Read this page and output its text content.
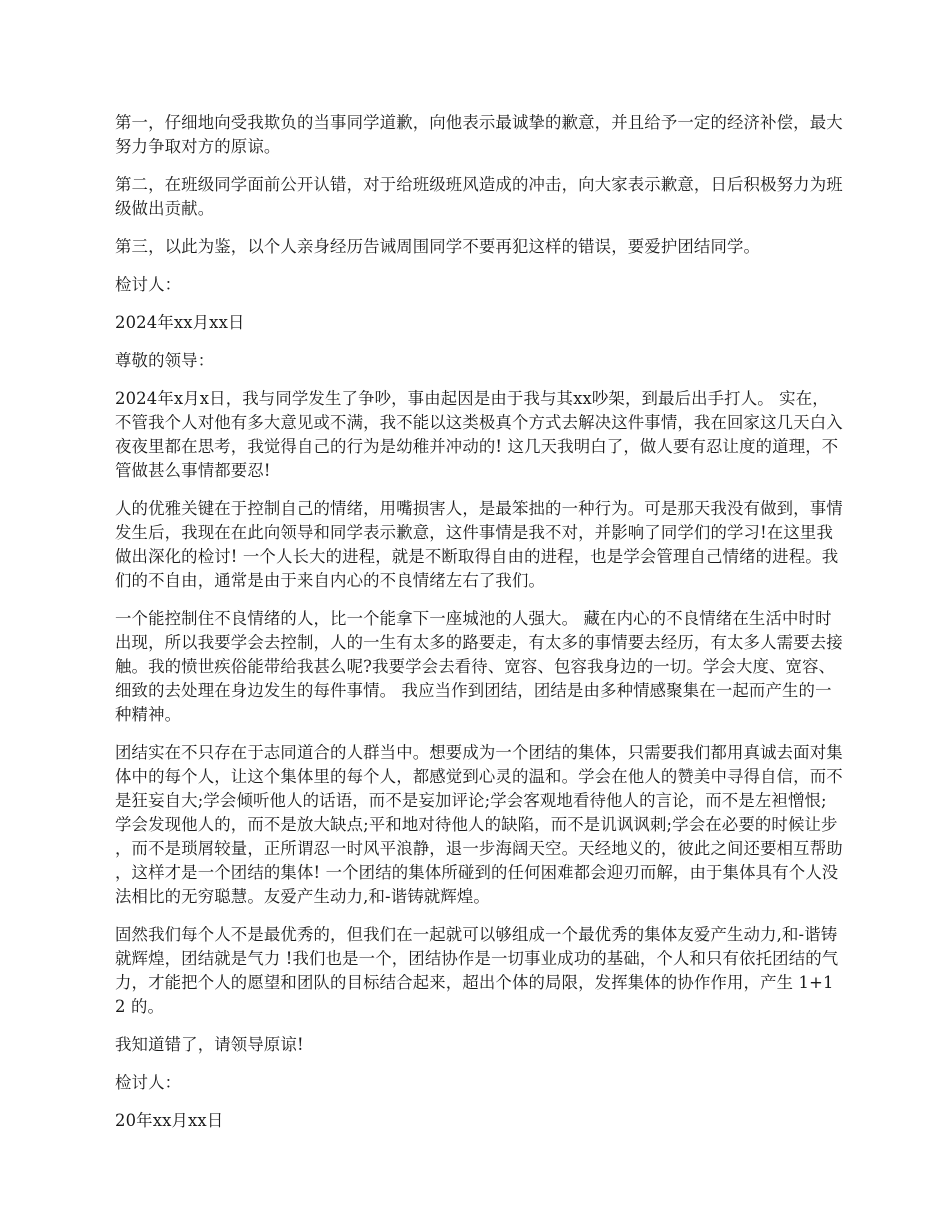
第一，仔细地向受我欺负的当事同学道歉，向他表示最诚挚的歉意，并且给予一定的经济补偿，最大努力争取对方的原谅。

第二，在班级同学面前公开认错，对于给班级班风造成的冲击，向大家表示歉意，日后积极努力为班级做出贡献。

第三，以此为鉴，以个人亲身经历告诫周围同学不要再犯这样的错误，要爱护团结同学。

检讨人：

2024年xx月xx日

尊敬的领导：

2024年x月x日，我与同学发生了争吵，事由起因是由于我与其xx吵架，到最后出手打人。 实在，不管我个人对他有多大意见或不满，我不能以这类极真个方式去解决这件事情，我在回家这几天白入夜夜里都在思考，我觉得自己的行为是幼稚并冲动的! 这几天我明白了，做人要有忍让度的道理，不管做甚么事情都要忍!

人的优雅关键在于控制自己的情绪，用嘴损害人，是最笨拙的一种行为。可是那天我没有做到，事情发生后，我现在在此向领导和同学表示歉意，这件事情是我不对，并影响了同学们的学习!在这里我做出深化的检讨! 一个人长大的进程，就是不断取得自由的进程，也是学会管理自己情绪的进程。我们的不自由，通常是由于来自内心的不良情绪左右了我们。

一个能控制住不良情绪的人，比一个能拿下一座城池的人强大。 藏在内心的不良情绪在生活中时时出现，所以我要学会去控制，人的一生有太多的路要走，有太多的事情要去经历，有太多人需要去接触。我的愤世疾俗能带给我甚么呢?我要学会去看待、宽容、包容我身边的一切。学会大度、宽容、细致的去处理在身边发生的每件事情。 我应当作到团结，团结是由多种情感聚集在一起而产生的一种精神。

团结实在不只存在于志同道合的人群当中。想要成为一个团结的集体，只需要我们都用真诚去面对集体中的每个人，让这个集体里的每个人，都感觉到心灵的温和。学会在他人的赞美中寻得自信，而不是狂妄自大;学会倾听他人的话语，而不是妄加评论;学会客观地看待他人的言论，而不是左袒憎恨;学会发现他人的，而不是放大缺点;平和地对待他人的缺陷，而不是讥讽讽刺;学会在必要的时候让步，而不是琐屑较量，正所谓忍一时风平浪静，退一步海阔天空。天经地义的，彼此之间还要相互帮助，这样才是一个团结的集体! 一个团结的集体所碰到的任何困难都会迎刃而解，由于集体具有个人没法相比的无穷聪慧。友爱产生动力,和-谐铸就辉煌。

固然我们每个人不是最优秀的，但我们在一起就可以够组成一个最优秀的集体友爱产生动力,和-谐铸就辉煌，团结就是气力 !我们也是一个，团结协作是一切事业成功的基础，个人和只有依托团结的气力，才能把个人的愿望和团队的目标结合起来，超出个体的局限，发挥集体的协作作用，产生 1+12 的。

我知道错了，请领导原谅!

检讨人：

20年xx月xx日
